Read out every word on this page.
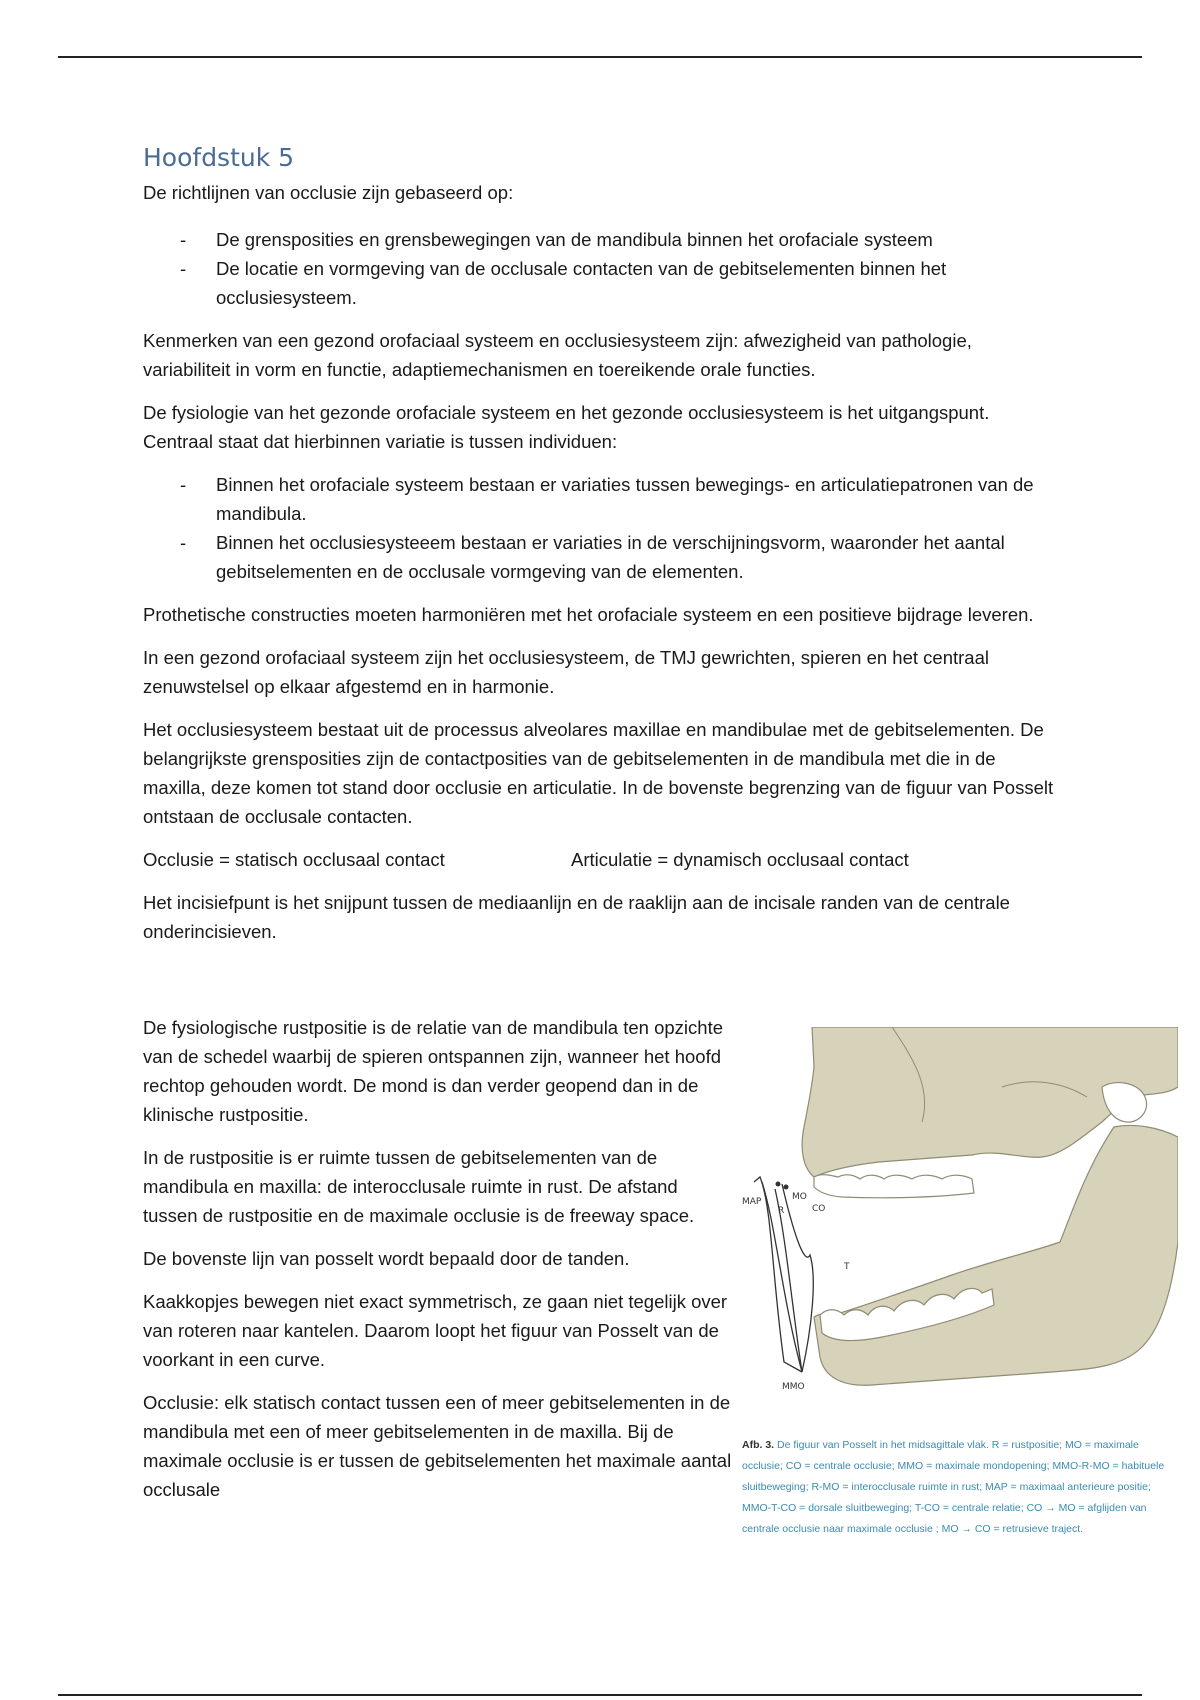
Hoofdstuk 5

De richtlijnen van occlusie zijn gebaseerd op:

- De grensposities en grensbewegingen van de mandibula binnen het orofaciale systeem
- De locatie en vormgeving van de occlusale contacten van de gebitselementen binnen het occlusiesysteem.

Kenmerken van een gezond orofaciaal systeem en occlusiesysteem zijn: afwezigheid van pathologie, variabiliteit in vorm en functie, adaptiemechanismen en toereikende orale functies.

De fysiologie van het gezonde orofaciale systeem en het gezonde occlusiesysteem is het uitgangspunt. Centraal staat dat hierbinnen variatie is tussen individuen:

- Binnen het orofaciale systeem bestaan er variaties tussen bewegings- en articulatiepatronen van de mandibula.
- Binnen het occlusiesysteeem bestaan er variaties in de verschijningsvorm, waaronder het aantal gebitselementen en de occlusale vormgeving van de elementen.

Prothetische constructies moeten harmoniëren met het orofaciale systeem en een positieve bijdrage leveren.

In een gezond orofaciaal systeem zijn het occlusiesysteem, de TMJ gewrichten, spieren en het centraal zenuwstelsel op elkaar afgestemd en in harmonie.

Het occlusiesysteem bestaat uit de processus alveolares maxillae en mandibulae met de gebitselementen. De belangrijkste grensposities zijn de contactposities van de gebitselementen in de mandibula met die in de maxilla, deze komen tot stand door occlusie en articulatie. In de bovenste begrenzing van de figuur van Posselt ontstaan de occlusale contacten.

Occlusie = statisch occlusaal contact	Articulatie = dynamisch occlusaal contact

Het incisiefpunt is het snijpunt tussen de mediaanlijn en de raaklijn aan de incisale randen van de centrale onderincisieven.

De fysiologische rustpositie is de relatie van de mandibula ten opzichte van de schedel waarbij de spieren ontspannen zijn, wanneer het hoofd rechtop gehouden wordt. De mond is dan verder geopend dan in de klinische rustpositie.

In de rustpositie is er ruimte tussen de gebitselementen van de mandibula en maxilla: de interocclusale ruimte in rust. De afstand tussen de rustpositie en de maximale occlusie is de freeway space.

De bovenste lijn van posselt wordt bepaald door de tanden.

Kaakkopjes bewegen niet exact symmetrisch, ze gaan niet tegelijk over van roteren naar kantelen. Daarom loopt het figuur van Posselt van de voorkant in een curve.

Occlusie: elk statisch contact tussen een of meer gebitselementen in de mandibula met een of meer gebitselementen in de maxilla. Bij de maximale occlusie is er tussen de gebitselementen het maximale aantal occlusale

MAP	MO
R	CO
T
MMO
Afb. 3. De figuur van Posselt in het midsagittale vlak. R = rustpositie; MO = maximale occlusie; CO = centrale occlusie; MMO = maximale mondopening; MMO-R-MO = habituele sluitbeweging; R-MO = interocclusale ruimte in rust; MAP = maximaal anterieure positie; MMO-T-CO = dorsale sluitbeweging; T-CO = centrale relatie; CO → MO = afglijden van centrale occlusie naar maximale occlusie ; MO → CO = retrusieve traject.
